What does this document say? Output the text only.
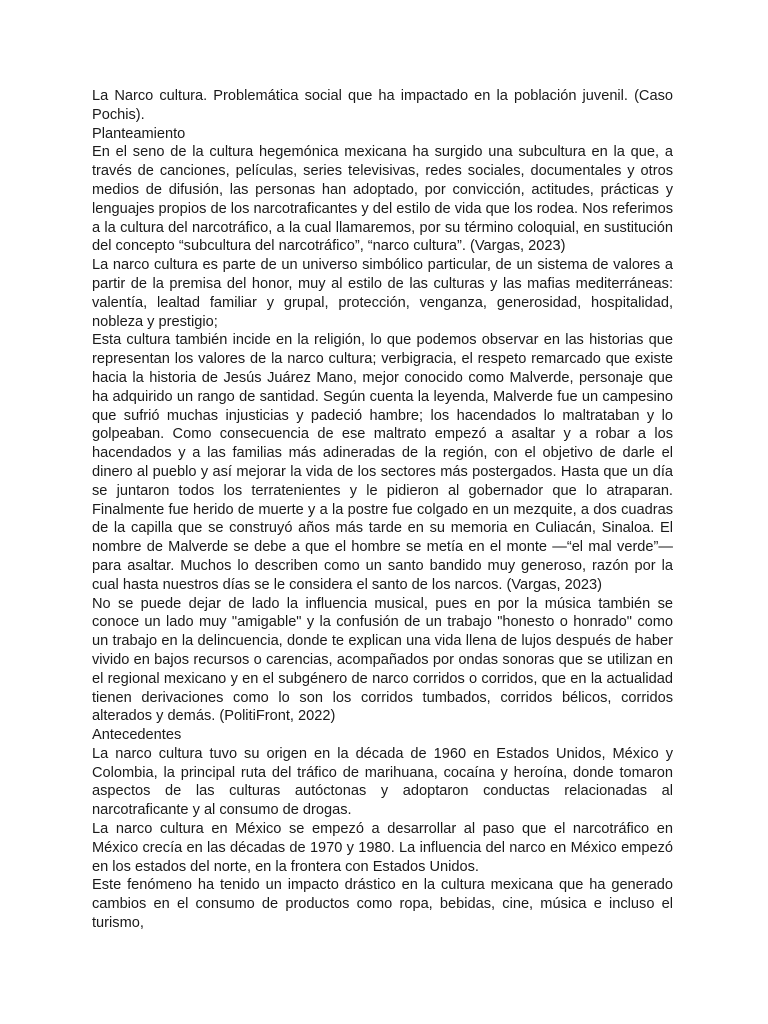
La Narco cultura. Problemática social que ha impactado en la población juvenil. (Caso Pochis).

Planteamiento

En el seno de la cultura hegemónica mexicana ha surgido una subcultura en la que, a través de canciones, películas, series televisivas, redes sociales, documentales y otros medios de difusión, las personas han adoptado, por convicción, actitudes, prácticas y lenguajes propios de los narcotraficantes y del estilo de vida que los rodea. Nos referimos a la cultura del narcotráfico, a la cual llamaremos, por su término coloquial, en sustitución del concepto “subcultura del narcotráfico”, “narco cultura”. (Vargas, 2023)

La narco cultura es parte de un universo simbólico particular, de un sistema de valores a partir de la premisa del honor, muy al estilo de las culturas y las mafias mediterráneas: valentía, lealtad familiar y grupal, protección, venganza, generosidad, hospitalidad, nobleza y prestigio;

Esta cultura también incide en la religión, lo que podemos observar en las historias que representan los valores de la narco cultura; verbigracia, el respeto remarcado que existe hacia la historia de Jesús Juárez Mano, mejor conocido como Malverde, personaje que ha adquirido un rango de santidad. Según cuenta la leyenda, Malverde fue un campesino que sufrió muchas injusticias y padeció hambre; los hacendados lo maltrataban y lo golpeaban. Como consecuencia de ese maltrato empezó a asaltar y a robar a los hacendados y a las familias más adineradas de la región, con el objetivo de darle el dinero al pueblo y así mejorar la vida de los sectores más postergados. Hasta que un día se juntaron todos los terratenientes y le pidieron al gobernador que lo atraparan. Finalmente fue herido de muerte y a la postre fue colgado en un mezquite, a dos cuadras de la capilla que se construyó años más tarde en su memoria en Culiacán, Sinaloa. El nombre de Malverde se debe a que el hombre se metía en el monte —“el mal verde”— para asaltar. Muchos lo describen como un santo bandido muy generoso, razón por la cual hasta nuestros días se le considera el santo de los narcos. (Vargas, 2023)

No se puede dejar de lado la influencia musical, pues en por la música también se conoce un lado muy "amigable" y la confusión de un trabajo "honesto o honrado" como un trabajo en la delincuencia, donde te explican una vida llena de lujos después de haber vivido en bajos recursos o carencias, acompañados por ondas sonoras que se utilizan en el regional mexicano y en el subgénero de narco corridos o corridos, que en la actualidad tienen derivaciones como lo son los corridos tumbados, corridos bélicos, corridos alterados y demás. (PolitiFront, 2022)

Antecedentes

La narco cultura tuvo su origen en la década de 1960 en Estados Unidos, México y Colombia, la principal ruta del tráfico de marihuana, cocaína y heroína, donde tomaron aspectos de las culturas autóctonas y adoptaron conductas relacionadas al narcotraficante y al consumo de drogas.

La narco cultura en México se empezó a desarrollar al paso que el narcotráfico en México crecía en las décadas de 1970 y 1980. La influencia del narco en México empezó en los estados del norte, en la frontera con Estados Unidos.

Este fenómeno ha tenido un impacto drástico en la cultura mexicana que ha generado cambios en el consumo de productos como ropa, bebidas, cine, música e incluso el turismo,
